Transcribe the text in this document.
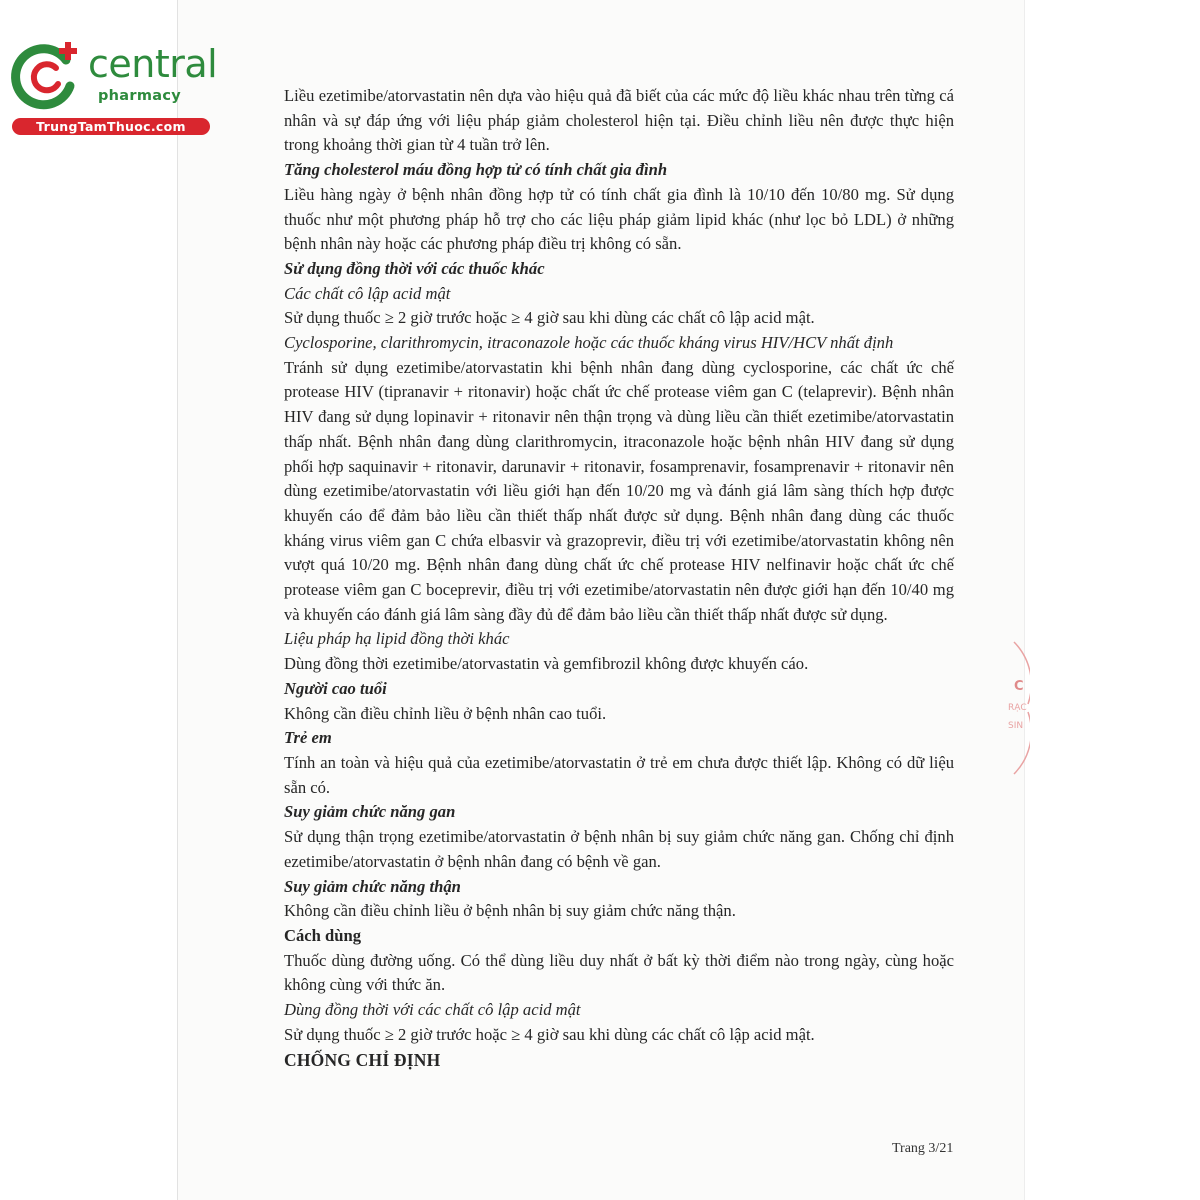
central
pharmacy
TrungTamThuoc.com

Liều ezetimibe/atorvastatin nên dựa vào hiệu quả đã biết của các mức độ liều khác nhau trên từng cá nhân và sự đáp ứng với liệu pháp giảm cholesterol hiện tại. Điều chỉnh liều nên được thực hiện trong khoảng thời gian từ 4 tuần trở lên.

Tăng cholesterol máu đồng hợp tử có tính chất gia đình

Liều hàng ngày ở bệnh nhân đồng hợp tử có tính chất gia đình là 10/10 đến 10/80 mg. Sử dụng thuốc như một phương pháp hỗ trợ cho các liệu pháp giảm lipid khác (như lọc bỏ LDL) ở những bệnh nhân này hoặc các phương pháp điều trị không có sẵn.

Sử dụng đồng thời với các thuốc khác

Các chất cô lập acid mật

Sử dụng thuốc ≥ 2 giờ trước hoặc ≥ 4 giờ sau khi dùng các chất cô lập acid mật.

Cyclosporine, clarithromycin, itraconazole hoặc các thuốc kháng virus HIV/HCV nhất định

Tránh sử dụng ezetimibe/atorvastatin khi bệnh nhân đang dùng cyclosporine, các chất ức chế protease HIV (tipranavir + ritonavir) hoặc chất ức chế protease viêm gan C (telaprevir). Bệnh nhân HIV đang sử dụng lopinavir + ritonavir nên thận trọng và dùng liều cần thiết ezetimibe/atorvastatin thấp nhất. Bệnh nhân đang dùng clarithromycin, itraconazole hoặc bệnh nhân HIV đang sử dụng phối hợp saquinavir + ritonavir, darunavir + ritonavir, fosamprenavir, fosamprenavir + ritonavir nên dùng ezetimibe/atorvastatin với liều giới hạn đến 10/20 mg và đánh giá lâm sàng thích hợp được khuyến cáo để đảm bảo liều cần thiết thấp nhất được sử dụng. Bệnh nhân đang dùng các thuốc kháng virus viêm gan C chứa elbasvir và grazoprevir, điều trị với ezetimibe/atorvastatin không nên vượt quá 10/20 mg. Bệnh nhân đang dùng chất ức chế protease HIV nelfinavir hoặc chất ức chế protease viêm gan C boceprevir, điều trị với ezetimibe/atorvastatin nên được giới hạn đến 10/40 mg và khuyến cáo đánh giá lâm sàng đầy đủ để đảm bảo liều cần thiết thấp nhất được sử dụng.

Liệu pháp hạ lipid đồng thời khác

Dùng đồng thời ezetimibe/atorvastatin và gemfibrozil không được khuyến cáo.

Người cao tuổi

Không cần điều chỉnh liều ở bệnh nhân cao tuổi.

Trẻ em

Tính an toàn và hiệu quả của ezetimibe/atorvastatin ở trẻ em chưa được thiết lập. Không có dữ liệu sẵn có.

Suy giảm chức năng gan

Sử dụng thận trọng ezetimibe/atorvastatin ở bệnh nhân bị suy giảm chức năng gan. Chống chỉ định ezetimibe/atorvastatin ở bệnh nhân đang có bệnh về gan.

Suy giảm chức năng thận

Không cần điều chỉnh liều ở bệnh nhân bị suy giảm chức năng thận.

Cách dùng

Thuốc dùng đường uống. Có thể dùng liều duy nhất ở bất kỳ thời điểm nào trong ngày, cùng hoặc không cùng với thức ăn.

Dùng đồng thời với các chất cô lập acid mật

Sử dụng thuốc ≥ 2 giờ trước hoặc ≥ 4 giờ sau khi dùng các chất cô lập acid mật.

CHỐNG CHỈ ĐỊNH

Trang 3/21
C
RẠC
SIN
